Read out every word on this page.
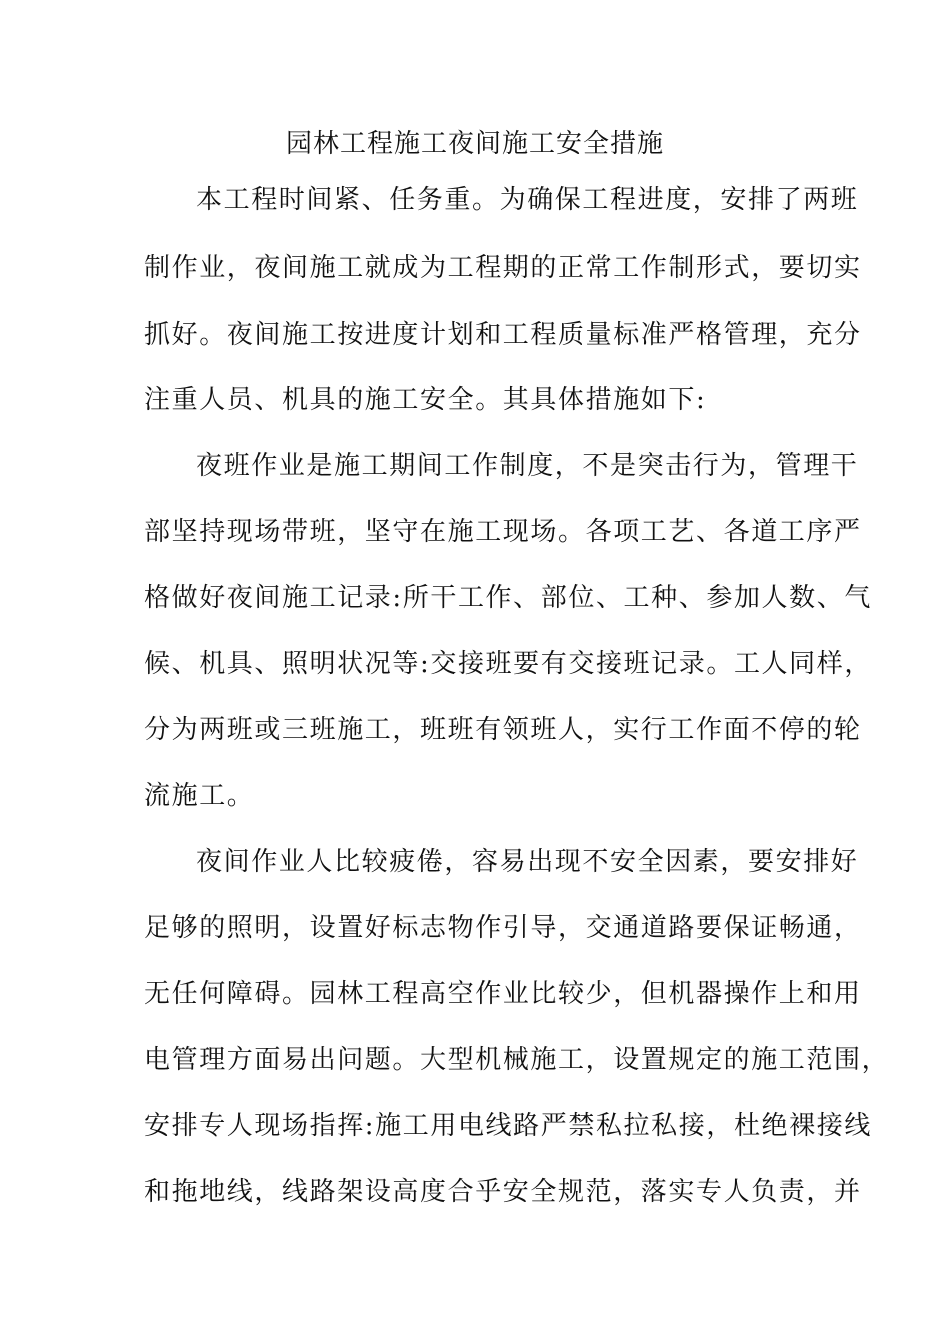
园林工程施工夜间施工安全措施
本工程时间紧、任务重。为确保工程进度，安排了两班
制作业，夜间施工就成为工程期的正常工作制形式，要切实
抓好。夜间施工按进度计划和工程质量标准严格管理，充分
注重人员、机具的施工安全。其具体措施如下:
夜班作业是施工期间工作制度，不是突击行为，管理干
部坚持现场带班，坚守在施工现场。各项工艺、各道工序严
格做好夜间施工记录:所干工作、部位、工种、参加人数、气
候、机具、照明状况等:交接班要有交接班记录。工人同样，
分为两班或三班施工，班班有领班人，实行工作面不停的轮
流施工。
夜间作业人比较疲倦，容易出现不安全因素，要安排好
足够的照明，设置好标志物作引导，交通道路要保证畅通，
无任何障碍。园林工程高空作业比较少，但机器操作上和用
电管理方面易出问题。大型机械施工，设置规定的施工范围，
安排专人现场指挥:施工用电线路严禁私拉私接，杜绝裸接线
和拖地线，线路架设高度合乎安全规范，落实专人负责，并
